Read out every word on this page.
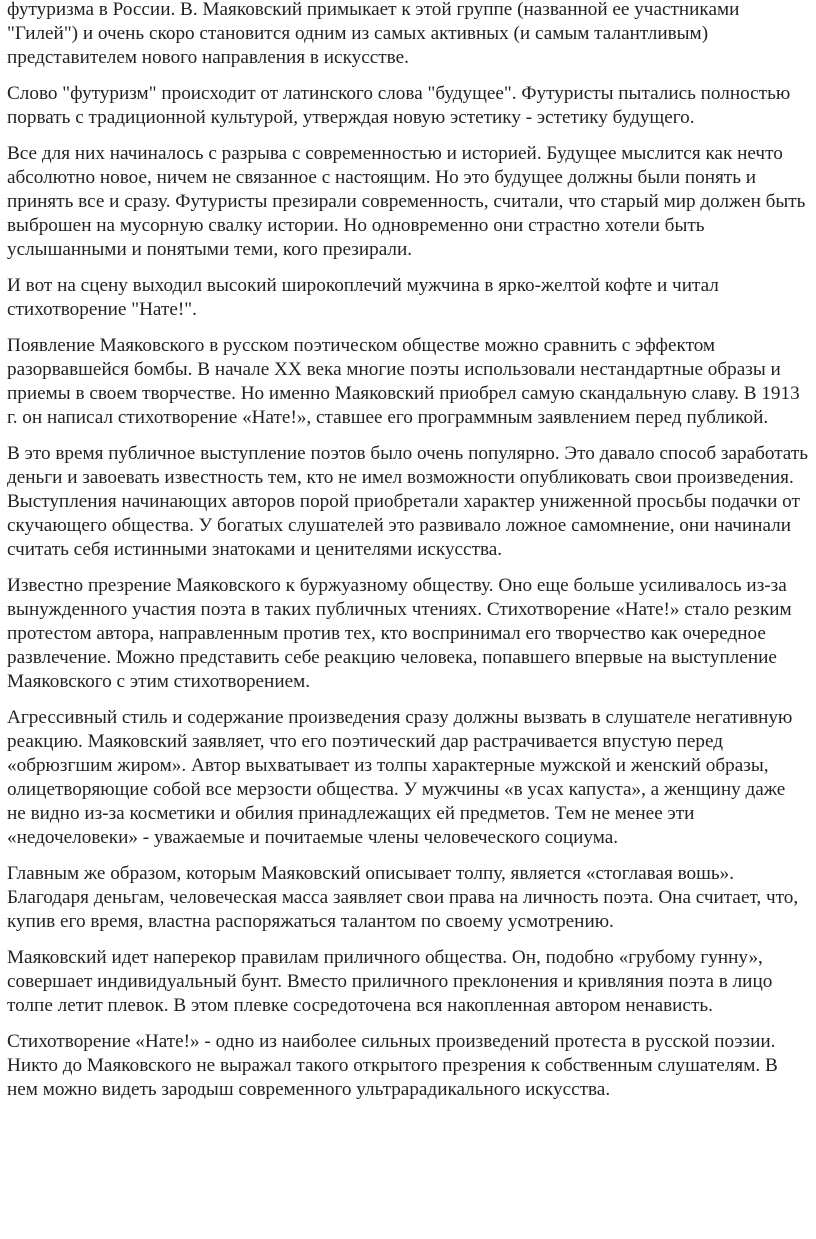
футуризма в России. В. Маяковский примыкает к этой группе (названной ее участниками "Гилей") и очень скоро становится одним из самых активных (и самым талантливым) представителем нового направления в искусстве.

Слово "футуризм" происходит от латинского слова "будущее". Футуристы пытались полностью порвать с традиционной культурой, утверждая новую эстетику - эстетику будущего.

Все для них начиналось с разрыва с современностью и историей. Будущее мыслится как нечто абсолютно новое, ничем не связанное с настоящим. Но это будущее должны были понять и принять все и сразу. Футуристы презирали современность, считали, что старый мир должен быть выброшен на мусорную свалку истории. Но одновременно они страстно хотели быть услышанными и понятыми теми, кого презирали.

И вот на сцену выходил высокий широкоплечий мужчина в ярко-желтой кофте и читал стихотворение "Нате!".

Появление Маяковского в русском поэтическом обществе можно сравнить с эффектом разорвавшейся бомбы. В начале XX века многие поэты использовали нестандартные образы и приемы в своем творчестве. Но именно Маяковский приобрел самую скандальную славу. В 1913 г. он написал стихотворение «Нате!», ставшее его программным заявлением перед публикой.

В это время публичное выступление поэтов было очень популярно. Это давало способ заработать деньги и завоевать известность тем, кто не имел возможности опубликовать свои произведения. Выступления начинающих авторов порой приобретали характер униженной просьбы подачки от скучающего общества. У богатых слушателей это развивало ложное самомнение, они начинали считать себя истинными знатоками и ценителями искусства.

Известно презрение Маяковского к буржуазному обществу. Оно еще больше усиливалось из-за вынужденного участия поэта в таких публичных чтениях. Стихотворение «Нате!» стало резким протестом автора, направленным против тех, кто воспринимал его творчество как очередное развлечение. Можно представить себе реакцию человека, попавшего впервые на выступление Маяковского с этим стихотворением.

Агрессивный стиль и содержание произведения сразу должны вызвать в слушателе негативную реакцию. Маяковский заявляет, что его поэтический дар растрачивается впустую перед «обрюзгшим жиром». Автор выхватывает из толпы характерные мужской и женский образы, олицетворяющие собой все мерзости общества. У мужчины «в усах капуста», а женщину даже не видно из-за косметики и обилия принадлежащих ей предметов. Тем не менее эти «недочеловеки» - уважаемые и почитаемые члены человеческого социума.

Главным же образом, которым Маяковский описывает толпу, является «стоглавая вошь». Благодаря деньгам, человеческая масса заявляет свои права на личность поэта. Она считает, что, купив его время, властна распоряжаться талантом по своему усмотрению.

Маяковский идет наперекор правилам приличного общества. Он, подобно «грубому гунну», совершает индивидуальный бунт. Вместо приличного преклонения и кривляния поэта в лицо толпе летит плевок. В этом плевке сосредоточена вся накопленная автором ненависть.

Стихотворение «Нате!» - одно из наиболее сильных произведений протеста в русской поэзии. Никто до Маяковского не выражал такого открытого презрения к собственным слушателям. В нем можно видеть зародыш современного ультрарадикального искусства.
